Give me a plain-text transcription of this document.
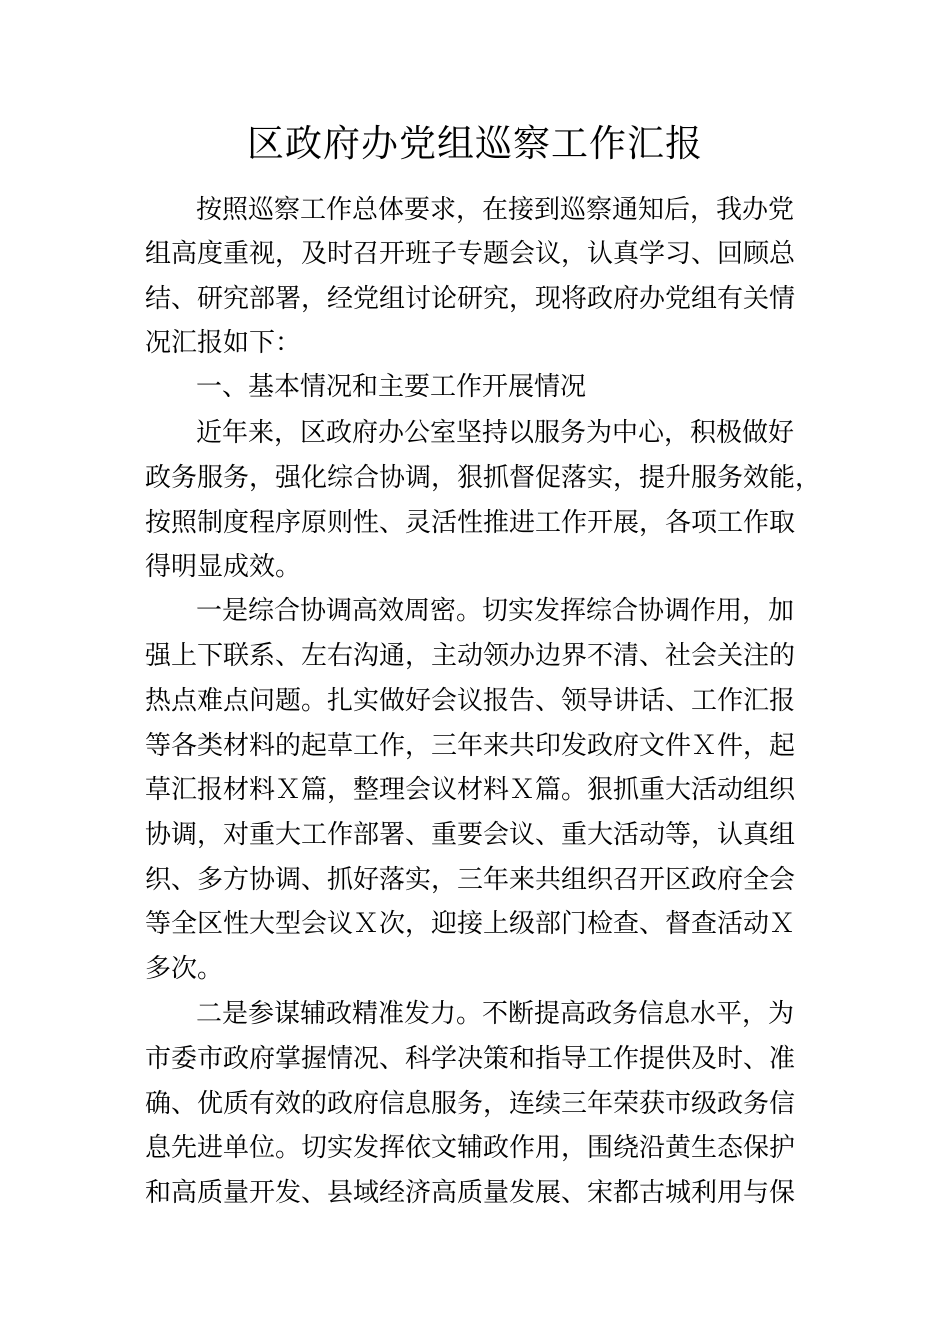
区政府办党组巡察工作汇报
按照巡察工作总体要求，在接到巡察通知后，我办党
组高度重视，及时召开班子专题会议，认真学习、回顾总
结、研究部署，经党组讨论研究，现将政府办党组有关情
况汇报如下：
一、基本情况和主要工作开展情况
近年来，区政府办公室坚持以服务为中心，积极做好
政务服务，强化综合协调，狠抓督促落实，提升服务效能，
按照制度程序原则性、灵活性推进工作开展，各项工作取
得明显成效。
一是综合协调高效周密。切实发挥综合协调作用，加
强上下联系、左右沟通，主动领办边界不清、社会关注的
热点难点问题。扎实做好会议报告、领导讲话、工作汇报
等各类材料的起草工作，三年来共印发政府文件Ｘ件，起
草汇报材料Ｘ篇，整理会议材料Ｘ篇。狠抓重大活动组织
协调，对重大工作部署、重要会议、重大活动等，认真组
织、多方协调、抓好落实，三年来共组织召开区政府全会
等全区性大型会议Ｘ次，迎接上级部门检查、督查活动Ｘ
多次。
二是参谋辅政精准发力。不断提高政务信息水平，为
市委市政府掌握情况、科学决策和指导工作提供及时、准
确、优质有效的政府信息服务，连续三年荣获市级政务信
息先进单位。切实发挥依文辅政作用，围绕沿黄生态保护
和高质量开发、县域经济高质量发展、宋都古城利用与保
